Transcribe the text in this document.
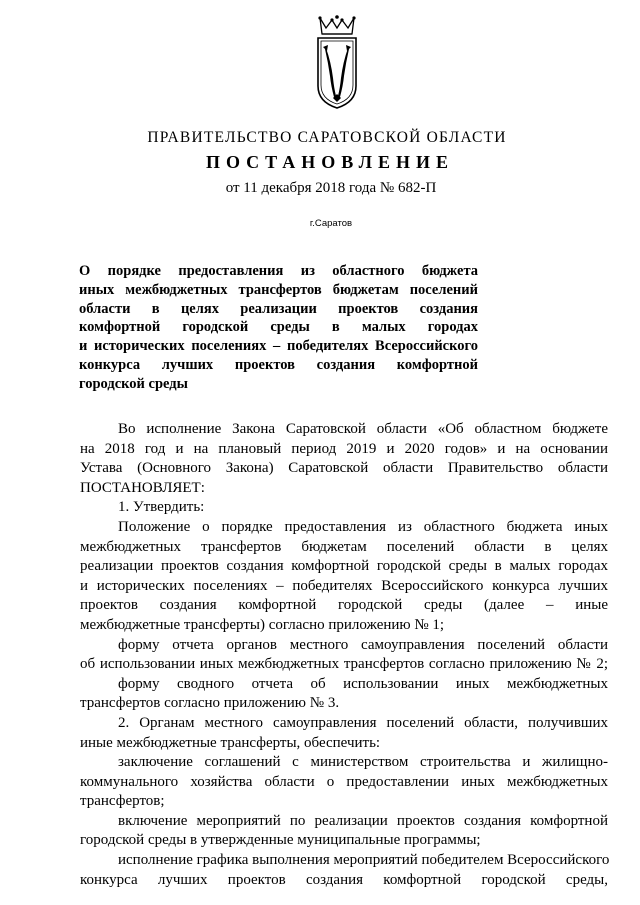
ПРАВИТЕЛЬСТВО САРАТОВСКОЙ ОБЛАСТИ
ПОСТАНОВЛЕНИЕ
от 11 декабря 2018 года № 682-П
г.Саратов
О порядке предоставления из областного бюджета
иных межбюджетных трансфертов бюджетам поселений
области в целях реализации проектов создания
комфортной городской среды в малых городах
и исторических поселениях – победителях Всероссийского
конкурса лучших проектов создания комфортной
городской среды
Во исполнение Закона Саратовской области «Об областном бюджете
на 2018 год и на плановый период 2019 и 2020 годов» и на основании
Устава (Основного Закона) Саратовской области Правительство области
ПОСТАНОВЛЯЕТ:
1. Утвердить:
Положение о порядке предоставления из областного бюджета иных
межбюджетных трансфертов бюджетам поселений области в целях
реализации проектов создания комфортной городской среды в малых городах
и исторических поселениях – победителях Всероссийского конкурса лучших
проектов создания комфортной городской среды (далее – иные
межбюджетные трансферты) согласно приложению № 1;
форму отчета органов местного самоуправления поселений области
об использовании иных межбюджетных трансфертов согласно приложению № 2;
форму сводного отчета об использовании иных межбюджетных
трансфертов согласно приложению № 3.
2. Органам местного самоуправления поселений области, получивших
иные межбюджетные трансферты, обеспечить:
заключение соглашений с министерством строительства и жилищно-
коммунального хозяйства области о предоставлении иных межбюджетных
трансфертов;
включение мероприятий по реализации проектов создания комфортной
городской среды в утвержденные муниципальные программы;
исполнение графика выполнения мероприятий победителем Всероссийского
конкурса лучших проектов создания комфортной городской среды,
